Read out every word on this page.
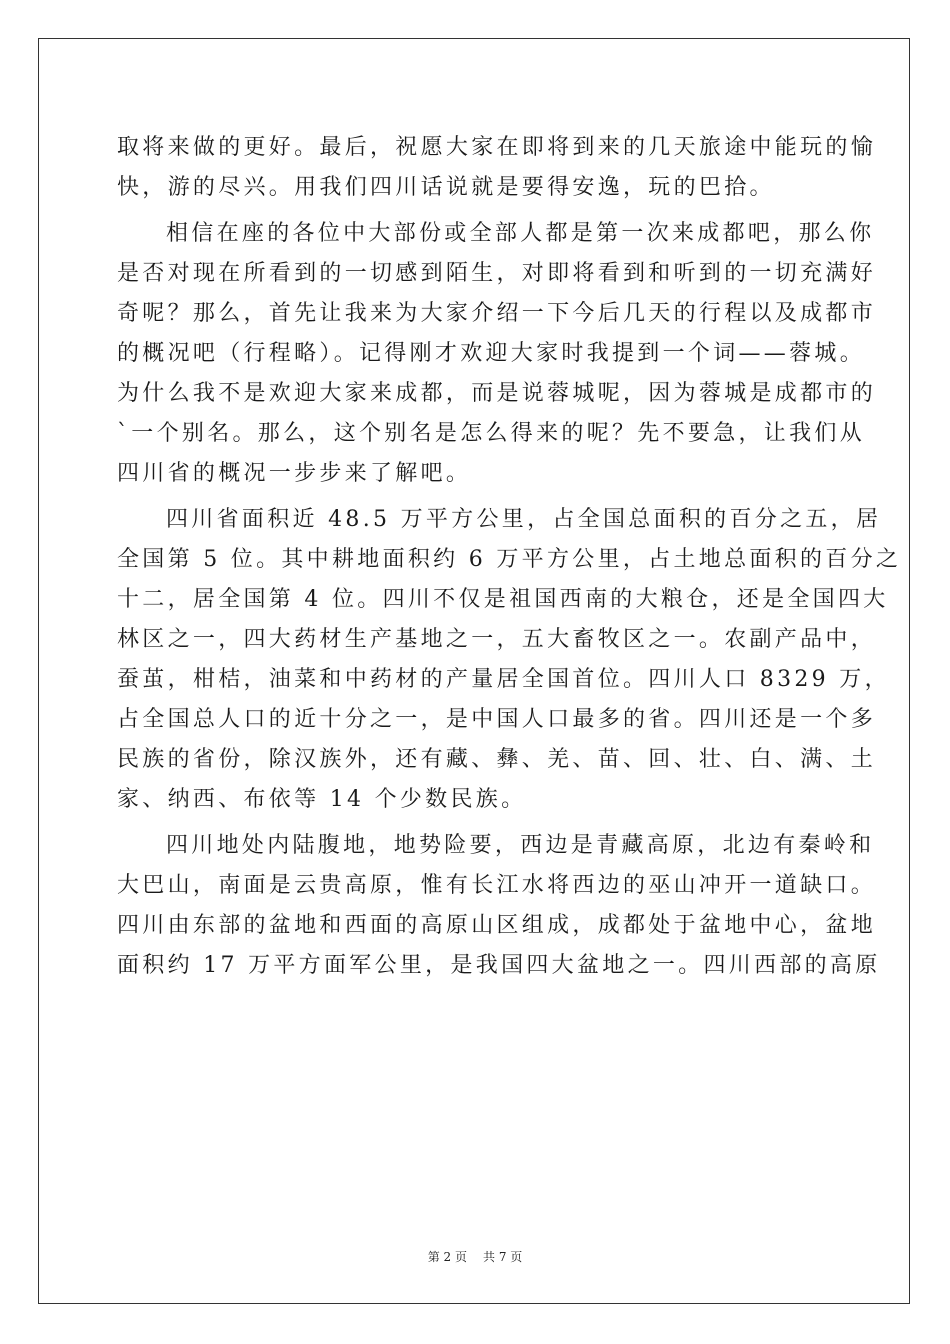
取将来做的更好。最后，祝愿大家在即将到来的几天旅途中能玩的愉
快，游的尽兴。用我们四川话说就是要得安逸，玩的巴拾。

相信在座的各位中大部份或全部人都是第一次来成都吧，那么你
是否对现在所看到的一切感到陌生，对即将看到和听到的一切充满好
奇呢？那么，首先让我来为大家介绍一下今后几天的行程以及成都市
的概况吧（行程略）。记得刚才欢迎大家时我提到一个词——蓉城。
为什么我不是欢迎大家来成都，而是说蓉城呢，因为蓉城是成都市的
`一个别名。那么，这个别名是怎么得来的呢？先不要急，让我们从
四川省的概况一步步来了解吧。

四川省面积近 48.5 万平方公里，占全国总面积的百分之五，居
全国第 5 位。其中耕地面积约 6 万平方公里，占土地总面积的百分之
十二，居全国第 4 位。四川不仅是祖国西南的大粮仓，还是全国四大
林区之一，四大药材生产基地之一，五大畜牧区之一。农副产品中，
蚕茧，柑桔，油菜和中药材的产量居全国首位。四川人口 8329 万，
占全国总人口的近十分之一，是中国人口最多的省。四川还是一个多
民族的省份，除汉族外，还有藏、彝、羌、苗、回、壮、白、满、土
家、纳西、布依等 14 个少数民族。

四川地处内陆腹地，地势险要，西边是青藏高原，北边有秦岭和
大巴山，南面是云贵高原，惟有长江水将西边的巫山冲开一道缺口。
四川由东部的盆地和西面的高原山区组成，成都处于盆地中心，盆地
面积约 17 万平方面军公里，是我国四大盆地之一。四川西部的高原

第 2 页 共 7 页
